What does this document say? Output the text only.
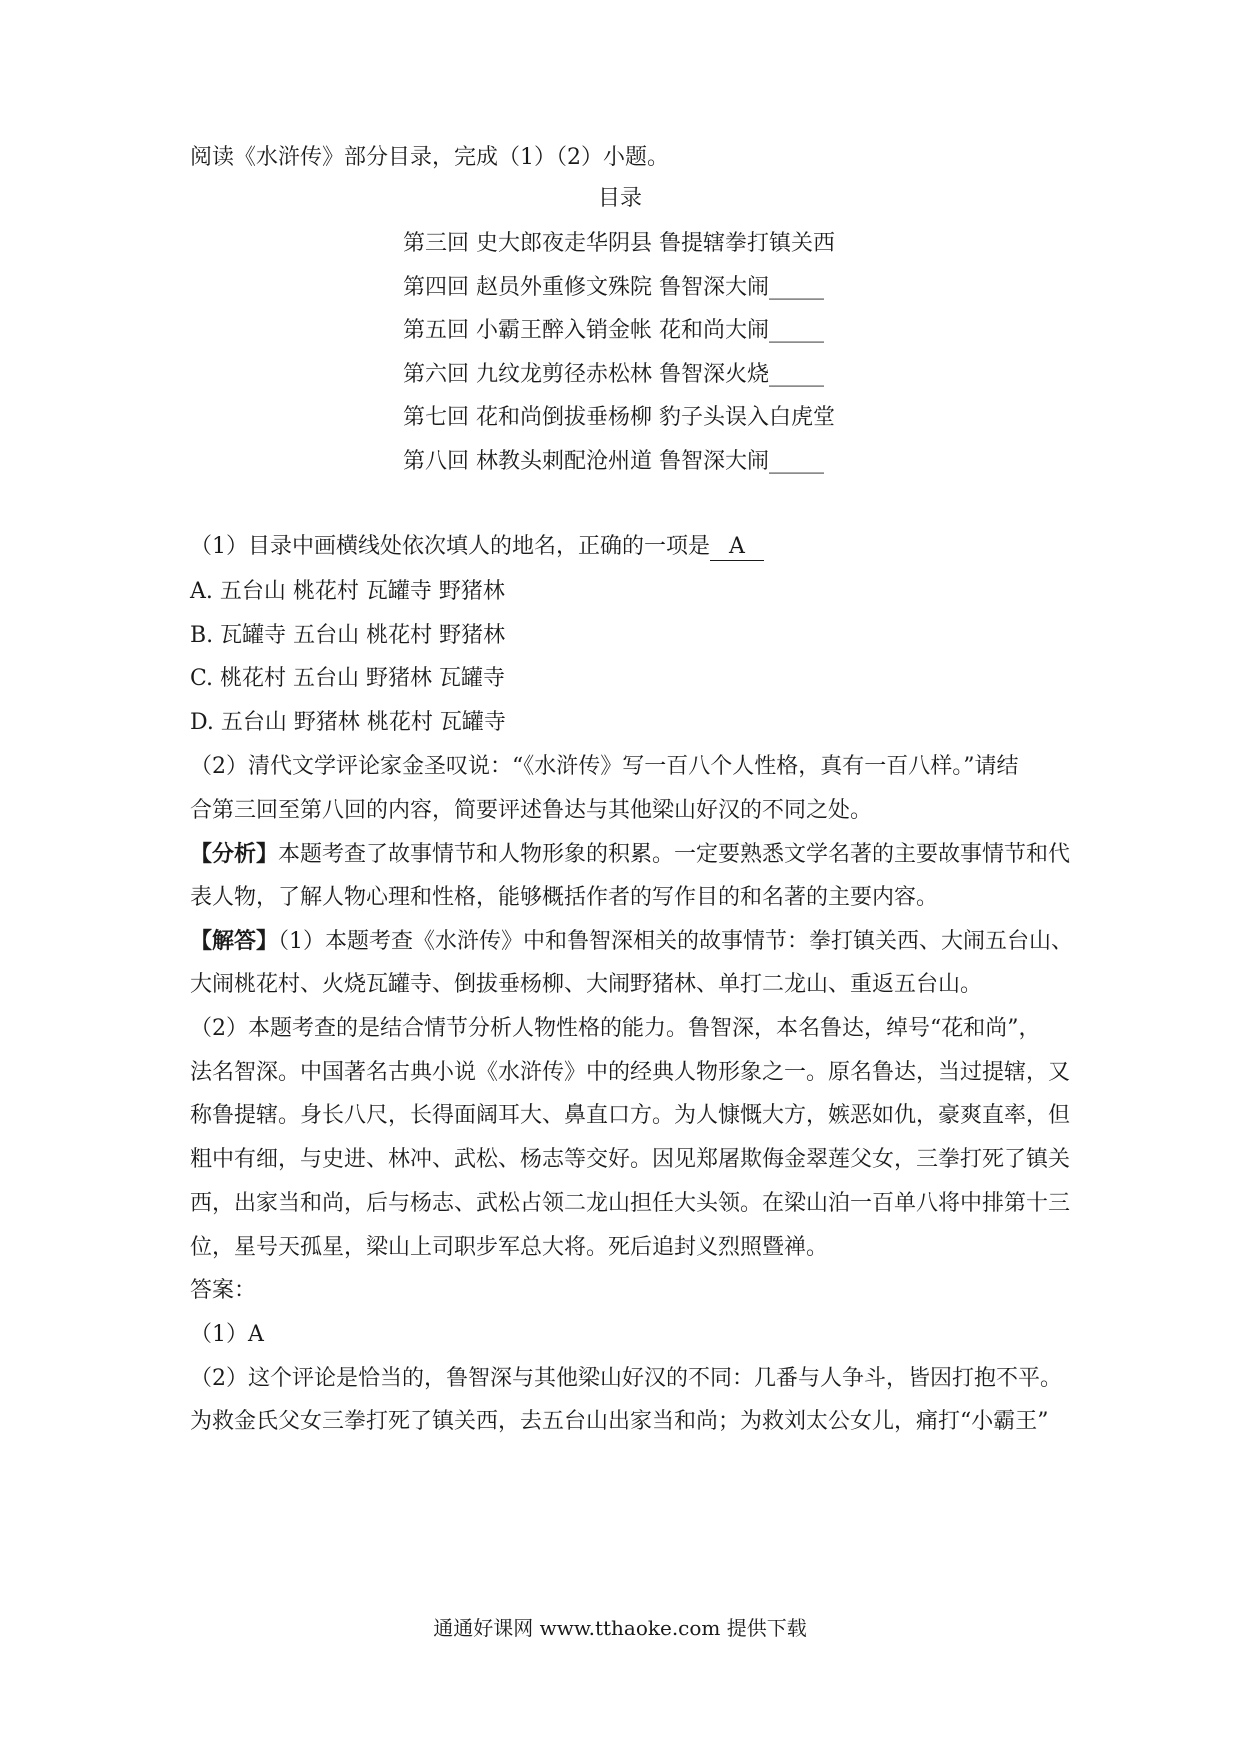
阅读《水浒传》部分目录，完成（1）（2）小题。
目录
第三回 史大郎夜走华阴县 鲁提辖拳打镇关西
第四回 赵员外重修文殊院 鲁智深大闹_____
第五回 小霸王醉入销金帐 花和尚大闹_____
第六回 九纹龙剪径赤松林 鲁智深火烧_____
第七回 花和尚倒拔垂杨柳 豹子头误入白虎堂
第八回 林教头刺配沧州道 鲁智深大闹_____
（1）目录中画横线处依次填人的地名，正确的一项是 A
A. 五台山 桃花村 瓦罐寺 野猪林
B. 瓦罐寺 五台山 桃花村 野猪林
C. 桃花村 五台山 野猪林 瓦罐寺
D. 五台山 野猪林 桃花村 瓦罐寺
（2）清代文学评论家金圣叹说：“《水浒传》写一百八个人性格，真有一百八样。”请结
合第三回至第八回的内容，简要评述鲁达与其他梁山好汉的不同之处。
【分析】本题考查了故事情节和人物形象的积累。一定要熟悉文学名著的主要故事情节和代
表人物，了解人物心理和性格，能够概括作者的写作目的和名著的主要内容。
【解答】（1）本题考查《水浒传》中和鲁智深相关的故事情节：拳打镇关西、大闹五台山、
大闹桃花村、火烧瓦罐寺、倒拔垂杨柳、大闹野猪林、单打二龙山、重返五台山。
（2）本题考查的是结合情节分析人物性格的能力。鲁智深，本名鲁达，绰号“花和尚”，
法名智深。中国著名古典小说《水浒传》中的经典人物形象之一。原名鲁达，当过提辖，又
称鲁提辖。身长八尺，长得面阔耳大、鼻直口方。为人慷慨大方，嫉恶如仇，豪爽直率，但
粗中有细，与史进、林冲、武松、杨志等交好。因见郑屠欺侮金翠莲父女，三拳打死了镇关
西，出家当和尚，后与杨志、武松占领二龙山担任大头领。在梁山泊一百单八将中排第十三
位，星号天孤星，梁山上司职步军总大将。死后追封义烈照暨禅。
答案：
（1）A
（2）这个评论是恰当的，鲁智深与其他梁山好汉的不同：几番与人争斗，皆因打抱不平。
为救金氏父女三拳打死了镇关西，去五台山出家当和尚；为救刘太公女儿，痛打“小霸王”
通通好课网 www.tthaoke.com 提供下载
